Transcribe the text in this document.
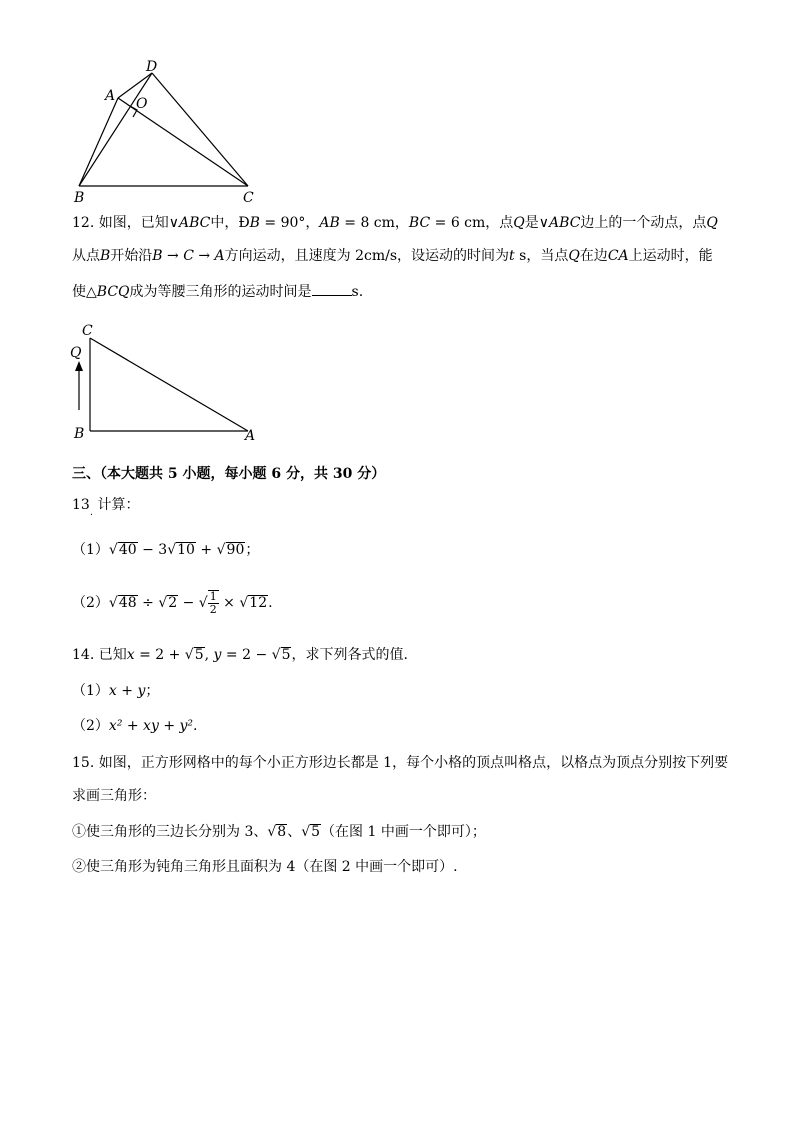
D
A O
B	C
12. 如图，已知∨ABC中，ÐB = 90°，AB = 8 cm，BC = 6 cm，点Q是∨ABC边上的一个动点，点Q
从点B开始沿B → C → A方向运动，且速度为 2cm/s，设运动的时间为t s，当点Q在边CA上运动时，能
使△BCQ成为等腰三角形的运动时间是	s.
C
Q
B	A
三、（本大题共 5 小题，每小题 6 分，共 30 分）
$13_.$ 计算：
（1）√40 − 3√10 + √90；
（2）√48 ÷ √2 − √ $\frac{1}{2} \times √12$.
14. 已知x = 2 + √5, y = 2 − √5，求下列各式的值.
（1）x + y；
（2）x² + xy + y².
15. 如图，正方形网格中的每个小正方形边长都是 1，每个小格的顶点叫格点，以格点为顶点分别按下列要
求画三角形：
①使三角形的三边长分别为 3、√8、√5（在图 1 中画一个即可）；
②使三角形为钝角三角形且面积为 4（在图 2 中画一个即可）.
